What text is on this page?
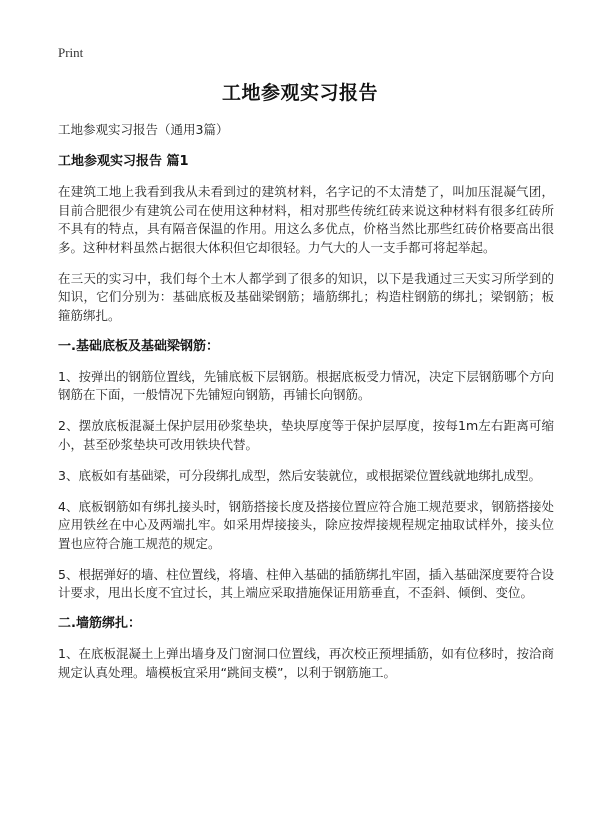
Print
工地参观实习报告

工地参观实习报告（通用3篇）

工地参观实习报告 篇1

在建筑工地上我看到我从未看到过的建筑材料，名字记的不太清楚了，叫加压混凝气团，目前合肥很少有建筑公司在使用这种材料，相对那些传统红砖来说这种材料有很多红砖所不具有的特点，具有隔音保温的作用。用这么多优点，价格当然比那些红砖价格要高出很多。这种材料虽然占据很大体积但它却很轻。力气大的人一支手都可将起举起。

在三天的实习中，我们每个土木人都学到了很多的知识，以下是我通过三天实习所学到的知识，它们分别为：基础底板及基础梁钢筋；墙筋绑扎；构造柱钢筋的绑扎；梁钢筋；板箍筋绑扎。

一.基础底板及基础梁钢筋：

1、按弹出的钢筋位置线，先铺底板下层钢筋。根据底板受力情况，决定下层钢筋哪个方向钢筋在下面，一般情况下先铺短向钢筋，再铺长向钢筋。

2、摆放底板混凝土保护层用砂浆垫块，垫块厚度等于保护层厚度，按每1m左右距离可缩小，甚至砂浆垫块可改用铁块代替。

3、底板如有基础梁，可分段绑扎成型，然后安装就位，或根据梁位置线就地绑扎成型。

4、底板钢筋如有绑扎接头时，钢筋搭接长度及搭接位置应符合施工规范要求，钢筋搭接处应用铁丝在中心及两端扎牢。如采用焊接接头，除应按焊接规程规定抽取试样外，接头位置也应符合施工规范的规定。

5、根据弹好的墙、柱位置线，将墙、柱伸入基础的插筋绑扎牢固，插入基础深度要符合设计要求，甩出长度不宜过长，其上端应采取措施保证用筋垂直，不歪斜、倾倒、变位。

二.墙筋绑扎：

1、在底板混凝土上弹出墙身及门窗洞口位置线，再次校正预埋插筋，如有位移时，按洽商规定认真处理。墙模板宜采用“跳间支模”，以利于钢筋施工。
